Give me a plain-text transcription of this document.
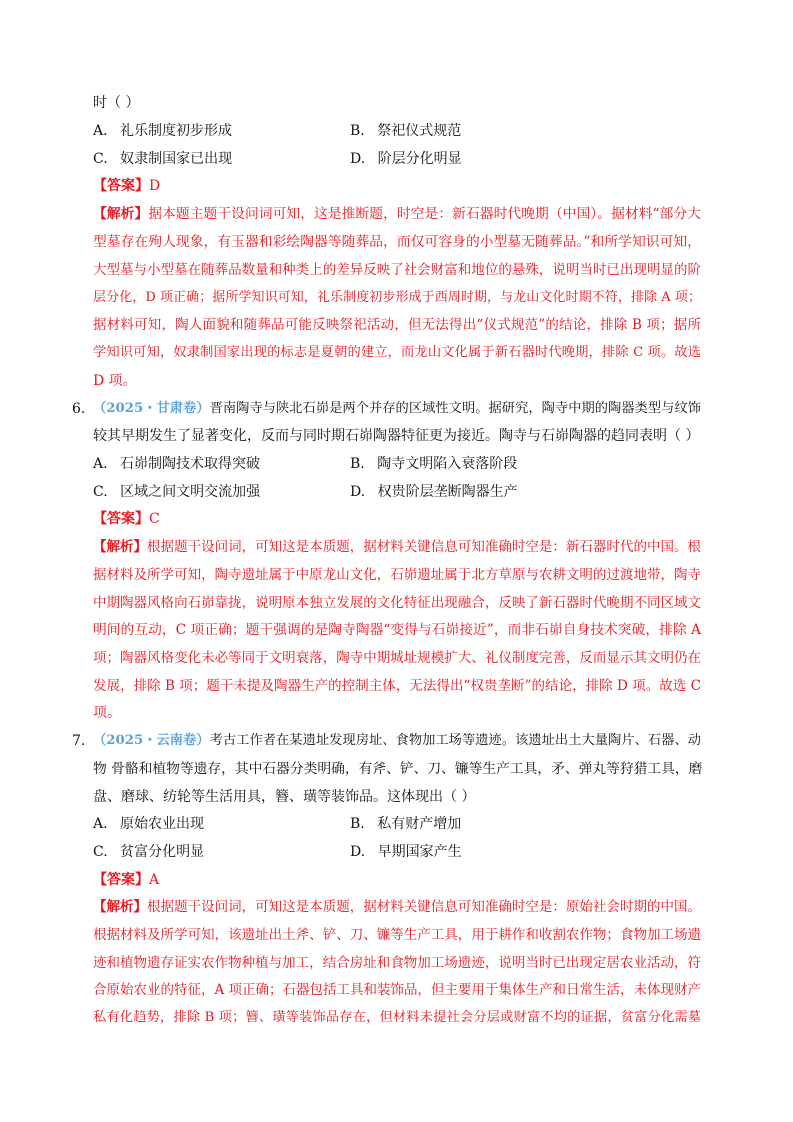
时（ ）
A. 礼乐制度初步形成	B. 祭祀仪式规范
C. 奴隶制国家已出现	D. 阶层分化明显
【答案】D
【解析】据本题主题干设问词可知，这是推断题，时空是：新石器时代晚期（中国）。据材料“部分大
型墓存在殉人现象，有玉器和彩绘陶器等随葬品，而仅可容身的小型墓无随葬品。”和所学知识可知，
大型墓与小型墓在随葬品数量和种类上的差异反映了社会财富和地位的悬殊，说明当时已出现明显的阶
层分化，D 项正确；据所学知识可知，礼乐制度初步形成于西周时期，与龙山文化时期不符，排除 A 项；
据材料可知，陶人面貌和随葬品可能反映祭祀活动，但无法得出“仪式规范”的结论，排除 B 项；据所
学知识可知，奴隶制国家出现的标志是夏朝的建立，而龙山文化属于新石器时代晚期，排除 C 项。故选
D 项。
6. （2025・甘肃卷）晋南陶寺与陕北石峁是两个并存的区域性文明。据研究，陶寺中期的陶器类型与纹饰
较其早期发生了显著变化，反而与同时期石峁陶器特征更为接近。陶寺与石峁陶器的趋同表明（ ）
A. 石峁制陶技术取得突破	B. 陶寺文明陷入衰落阶段
C. 区域之间文明交流加强	D. 权贵阶层垄断陶器生产
【答案】C
【解析】根据题干设问词，可知这是本质题，据材料关键信息可知准确时空是：新石器时代的中国。根
据材料及所学可知，陶寺遗址属于中原龙山文化，石峁遗址属于北方草原与农耕文明的过渡地带，陶寺
中期陶器风格向石峁靠拢，说明原本独立发展的文化特征出现融合，反映了新石器时代晚期不同区域文
明间的互动，C 项正确；题干强调的是陶寺陶器“变得与石峁接近”，而非石峁自身技术突破，排除 A
项；陶器风格变化未必等同于文明衰落，陶寺中期城址规模扩大、礼仪制度完善，反而显示其文明仍在
发展，排除 B 项；题干未提及陶器生产的控制主体，无法得出“权贵垄断”的结论，排除 D 项。故选 C
项。
7. （2025・云南卷）考古工作者在某遗址发现房址、食物加工场等遗迹。该遗址出土大量陶片、石器、动
物 骨骼和植物等遗存，其中石器分类明确，有斧、铲、刀、镰等生产工具，矛、弹丸等狩猎工具，磨
盘、磨球、纺轮等生活用具，簪、璜等装饰品。这体现出（ ）
A. 原始农业出现	B. 私有财产增加
C. 贫富分化明显	D. 早期国家产生
【答案】A
【解析】根据题干设问词，可知这是本质题，据材料关键信息可知准确时空是：原始社会时期的中国。
根据材料及所学可知，该遗址出土斧、铲、刀、镰等生产工具，用于耕作和收割农作物；食物加工场遗
迹和植物遗存证实农作物种植与加工，结合房址和食物加工场遗迹，说明当时已出现定居农业活动，符
合原始农业的特征，A 项正确；石器包括工具和装饰品，但主要用于集体生产和日常生活，未体现财产
私有化趋势，排除 B 项；簪、璜等装饰品存在，但材料未提社会分层或财富不均的证据，贫富分化需墓
